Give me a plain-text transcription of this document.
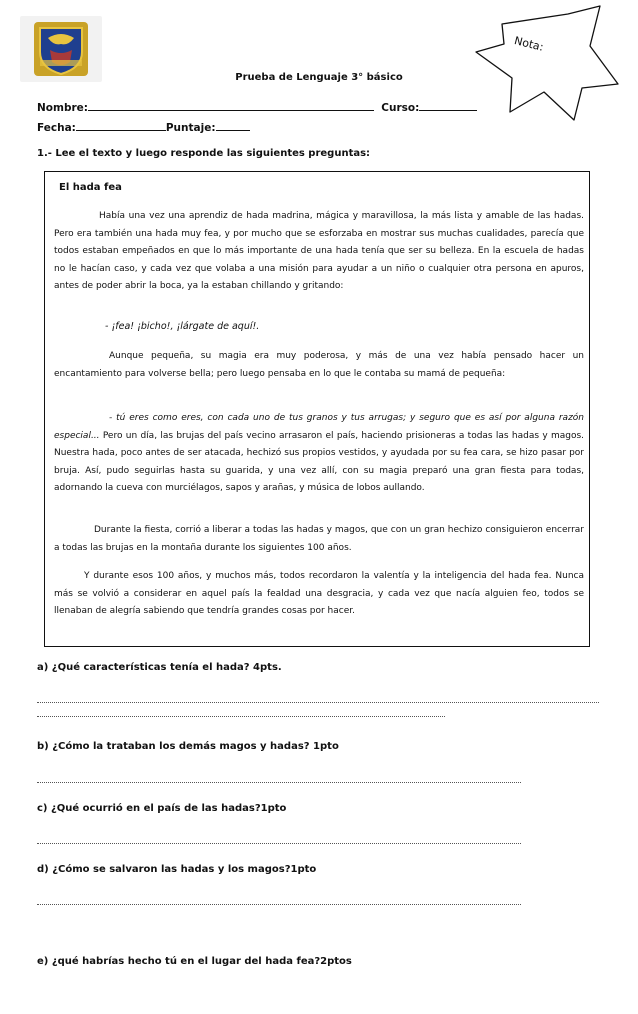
Nota:
Prueba de Lenguaje 3° básico
Nombre:	Curso:
Fecha:	Puntaje:
1.- Lee el texto y luego responde las siguientes preguntas:
El hada fea

Había una vez una aprendiz de hada madrina, mágica y maravillosa, la más lista y amable de las hadas. Pero era también una hada muy fea, y por mucho que se esforzaba en mostrar sus muchas cualidades, parecía que todos estaban empeñados en que lo más importante de una hada tenía que ser su belleza. En la escuela de hadas no le hacían caso, y cada vez que volaba a una misión para ayudar a un niño o cualquier otra persona en apuros, antes de poder abrir la boca, ya la estaban chillando y gritando:

- ¡fea! ¡bicho!, ¡lárgate de aquí!.

Aunque pequeña, su magia era muy poderosa, y más de una vez había pensado hacer un encantamiento para volverse bella; pero luego pensaba en lo que le contaba su mamá de pequeña:

- tú eres como eres, con cada uno de tus granos y tus arrugas; y seguro que es así por alguna razón especial... Pero un día, las brujas del país vecino arrasaron el país, haciendo prisioneras a todas las hadas y magos. Nuestra hada, poco antes de ser atacada, hechizó sus propios vestidos, y ayudada por su fea cara, se hizo pasar por bruja. Así, pudo seguirlas hasta su guarida, y una vez allí, con su magia preparó una gran fiesta para todas, adornando la cueva con murciélagos, sapos y arañas, y música de lobos aullando.

Durante la fiesta, corrió a liberar a todas las hadas y magos, que con un gran hechizo consiguieron encerrar a todas las brujas en la montaña durante los siguientes 100 años.

Y durante esos 100 años, y muchos más, todos recordaron la valentía y la inteligencia del hada fea. Nunca más se volvió a considerar en aquel país la fealdad una desgracia, y cada vez que nacía alguien feo, todos se llenaban de alegría sabiendo que tendría grandes cosas por hacer.

a) ¿Qué características tenía el hada? 4pts.
b) ¿Cómo la trataban los demás magos y hadas? 1pto
c) ¿Qué ocurrió en el país de las hadas?1pto
d) ¿Cómo se salvaron las hadas y los magos?1pto
e) ¿qué habrías hecho tú en el lugar del hada fea?2ptos
